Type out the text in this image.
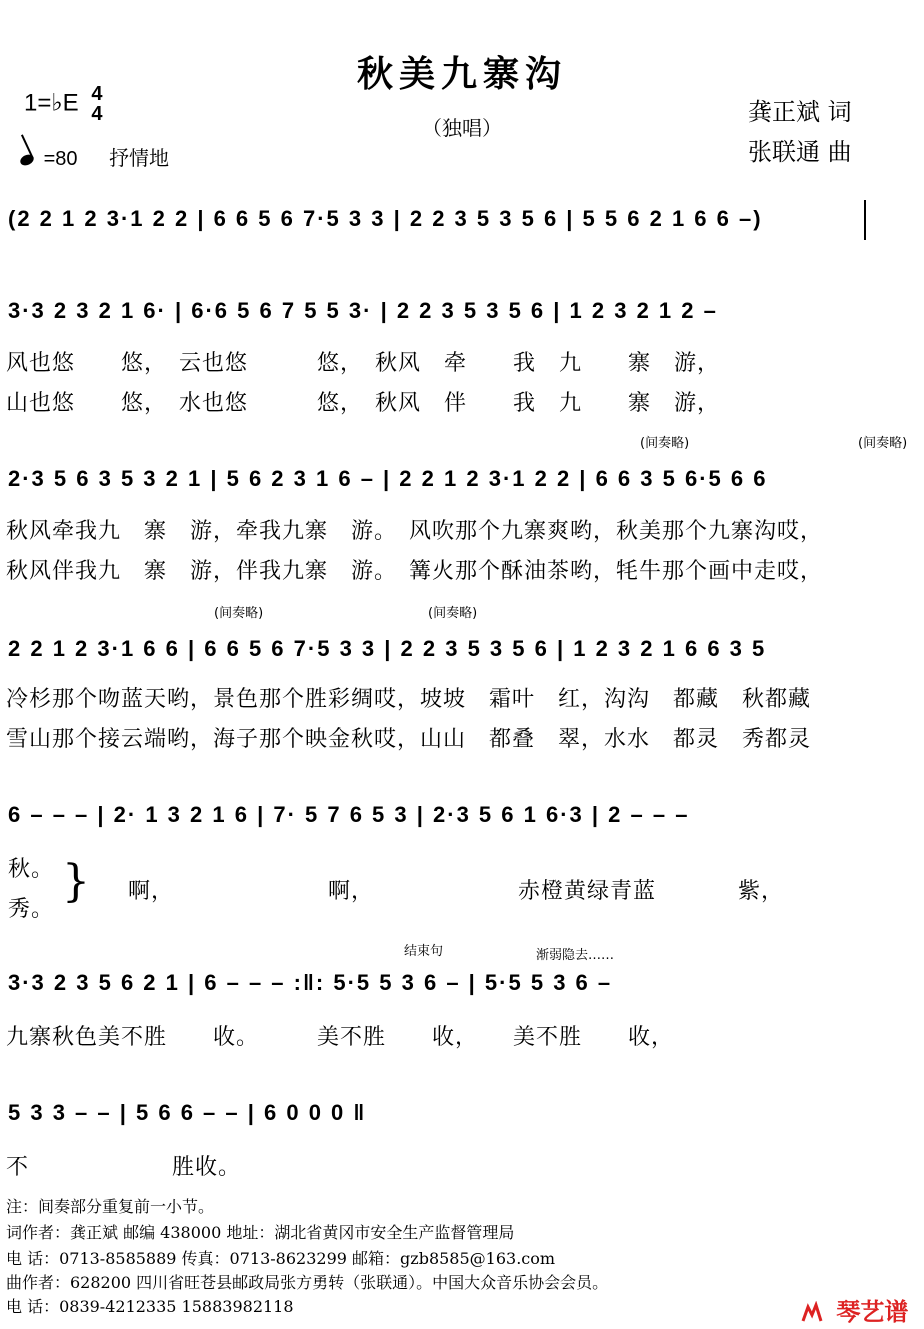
秋美九寨沟
（独唱）
1=♭E 4
4
=80 抒情地
龚正斌 词
张联通 曲
(2 2 1 2 3·1 2 2 | 6 6 5 6 7·5 3 3 | 2 2 3 5 3 5 6 | 5 5 6 2 1 6 6 –)
3·3 2 3 2 1 6· | 6·6 5 6 7 5 5 3· | 2 2 3 5 3 5 6 | 1 2 3 2 1 2 –
风也悠　　悠，　云也悠　　　悠，　秋风　牵　　我　九　　寨　游，
山也悠　　悠，　水也悠　　　悠，　秋风　伴　　我　九　　寨　游，
(间奏略)	(间奏略)
2·3 5 6 3 5 3 2 1 | 5 6 2 3 1 6 – | 2 2 1 2 3·1 2 2 | 6 6 3 5 6·5 6 6
秋风牵我九　寨　游，牵我九寨　游。　风吹那个九寨爽哟，秋美那个九寨沟哎，
秋风伴我九　寨　游，伴我九寨　游。　篝火那个酥油茶哟，牦牛那个画中走哎，
(间奏略)	(间奏略)
2 2 1 2 3·1 6 6 | 6 6 5 6 7·5 3 3 | 2 2 3 5 3 5 6 | 1 2 3 2 1 6 6 3 5
冷杉那个吻蓝天哟，景色那个胜彩绸哎，坡坡　霜叶　红，沟沟　都藏　秋都藏
雪山那个接云端哟，海子那个映金秋哎，山山　都叠　翠，水水　都灵　秀都灵
6 – – – | 2· 1 3 2 1 6 | 7· 5 7 6 5 3 | 2·3 5 6 1 6·3 | 2 – – –
秋。
秀。
} 啊，	啊，	赤橙黄绿青蓝	紫，
结束句	渐弱隐去……
3·3 2 3 5 6 2 1 | 6 – – – :‖: 5·5 5 3 6 – | 5·5 5 3 6 –
九寨秋色美不胜　　收。　　　美不胜　　收，　　美不胜　　收，
5 3 3 – – | 5 6 6 – – | 6 0 0 0 ‖
不	胜收。
注：间奏部分重复前一小节。
词作者：龚正斌 邮编 438000 地址：湖北省黄冈市安全生产监督管理局
电 话：0713-8585889 传真：0713-8623299 邮箱：gzb8585@163.com
曲作者：628200 四川省旺苍县邮政局张方勇转（张联通）。中国大众音乐协会会员。
电 话：0839-4212335 15883982118	琴艺谱
